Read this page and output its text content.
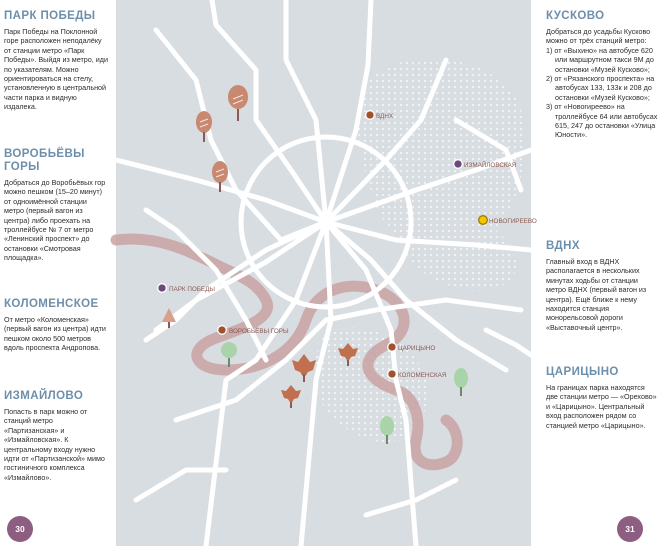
ПАРК ПОБЕДЫ

Парк Победы на Поклонной горе расположен неподалёку от станции метро «Парк Победы». Выйдя из метро, иди по указателям. Можно ориентироваться на стелу, установленную в центральной части парка и видную издалека.

ВОРОБЬЁВЫ ГОРЫ

Добраться до Воробьёвых гор можно пешком (15–20 минут) от одноимённой станции метро (первый вагон из центра) либо проехать на троллейбусе № 7 от метро «Ленинский проспект» до остановки «Смотровая площадка».

КОЛОМЕНСКОЕ

От метро «Коломенская» (первый вагон из центра) идти пешком около 500 метров вдоль проспекта Андропова.

ИЗМАЙЛОВО

Попасть в парк можно от станций метро «Партизанская» и «Измайловская». К центральному входу нужно идти от «Партизанской» мимо гостиничного комплекса «Измайлово».

30
ВДНХ
ИЗМАЙЛОВСКАЯ
НОВОГИРЕЕВО
ПАРК ПОБЕДЫ
ВОРОБЬЁВЫ ГОРЫ
ЦАРИЦЫНО
КОЛОМЕНСКАЯ
КУСКОВО

Добраться до усадьбы Кусково можно от трёх станций метро:

1) от «Выхино» на автобусе 620 или маршрутном такси 9М до остановки «Музей Кусково»;
2) от «Рязанского проспекта» на автобусах 133, 133к и 208 до остановки «Музей Кусково»;
3) от «Новогиреево» на троллейбусе 64 или автобусах 615, 247 до остановки «Улица Юности».
ВДНХ

Главный вход в ВДНХ располагается в нескольких минутах ходьбы от станции метро ВДНХ (первый вагон из центра). Ещё ближе к нему находится станция монорельсовой дороги «Выставочный центр».

ЦАРИЦЫНО

На границах парка находятся две станции метро — «Орехово» и «Царицыно». Центральный вход расположен рядом со станцией метро «Царицыно».

31
